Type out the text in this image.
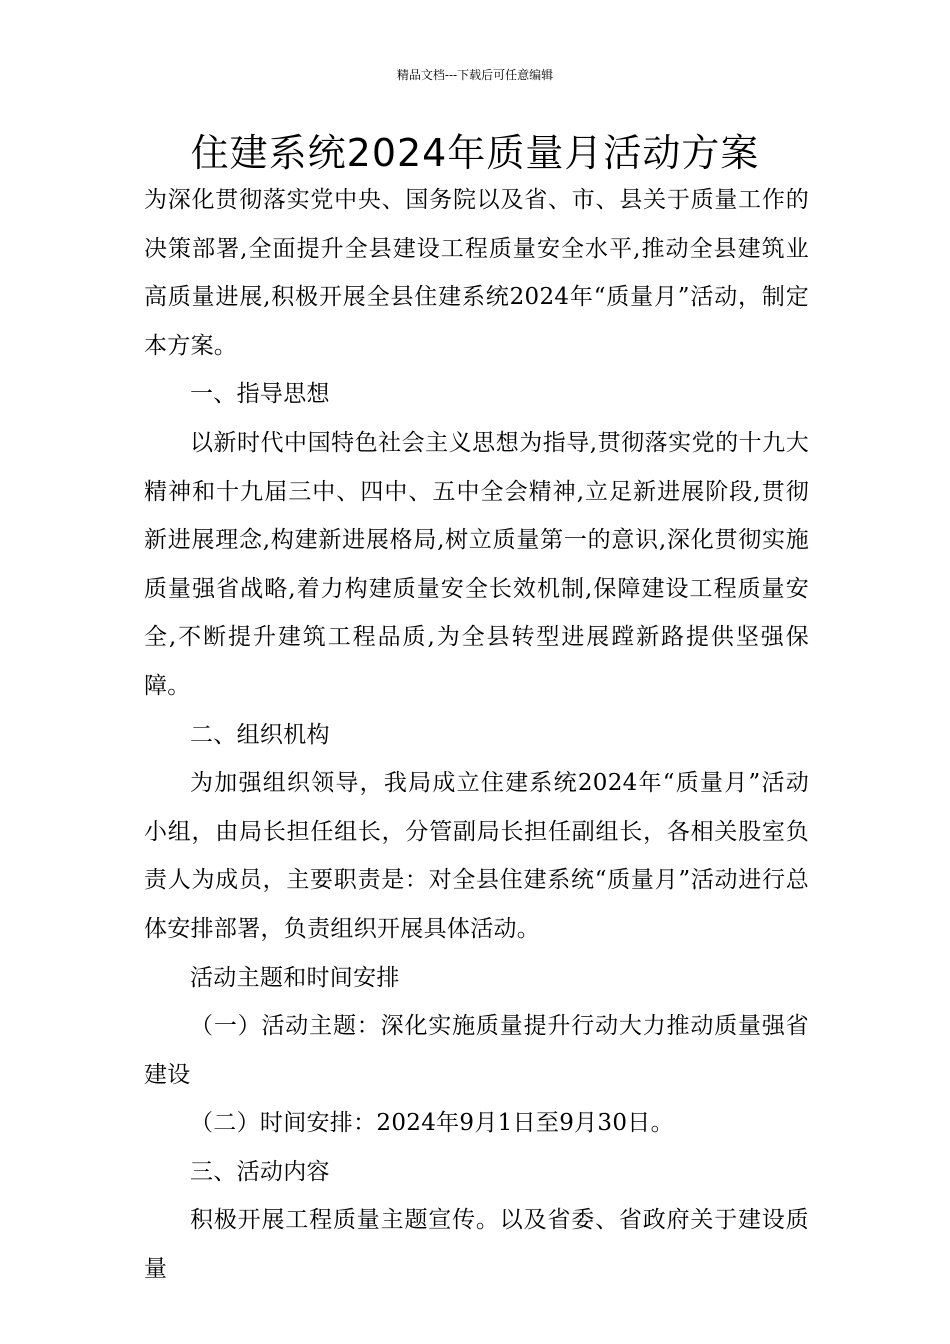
精品文档---下载后可任意编辑
住建系统2024年质量月活动方案

为深化贯彻落实党中央、国务院以及省、市、县关于质量工作的决策部署,全面提升全县建设工程质量安全水平,推动全县建筑业高质量进展,积极开展全县住建系统2024年“质量月”活动，制定本方案。

一、指导思想

以新时代中国特色社会主义思想为指导,贯彻落实党的十九大精神和十九届三中、四中、五中全会精神,立足新进展阶段,贯彻新进展理念,构建新进展格局,树立质量第一的意识,深化贯彻实施质量强省战略,着力构建质量安全长效机制,保障建设工程质量安全,不断提升建筑工程品质,为全县转型进展蹚新路提供坚强保障。

二、组织机构

为加强组织领导，我局成立住建系统2024年“质量月”活动小组，由局长担任组长，分管副局长担任副组长，各相关股室负责人为成员，主要职责是：对全县住建系统“质量月”活动进行总体安排部署，负责组织开展具体活动。

活动主题和时间安排

（一）活动主题：深化实施质量提升行动大力推动质量强省建设

（二）时间安排：2024年9月1日至9月30日。

三、活动内容

积极开展工程质量主题宣传。以及省委、省政府关于建设质量
